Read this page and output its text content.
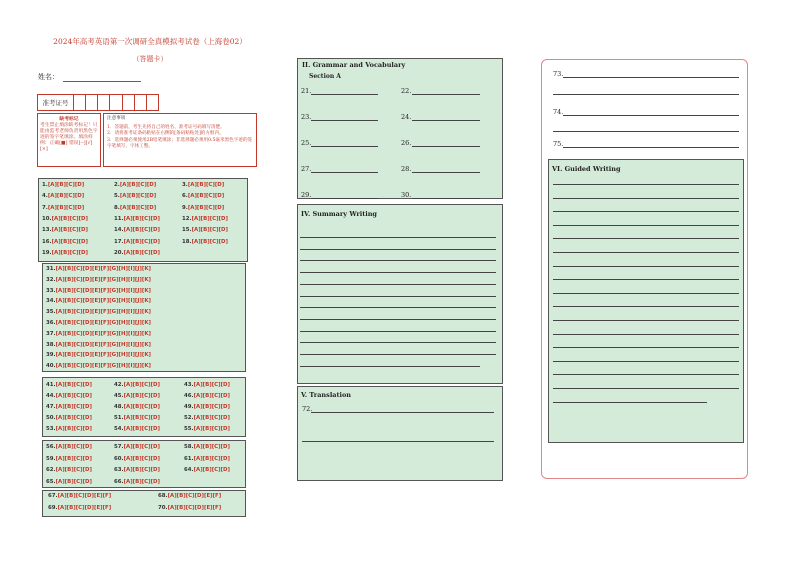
2024年高考英语第一次调研全真模拟考试卷（上海卷02）
（答题卡）
姓名：
准考证号
缺考标记
考生禁止填涂缺考标记！只能由监考老师负责用黑色字迹的签字笔填涂。填涂样例：正确[■] 错误[--][√][×]
注意事项
1．答题前，考生先将自己的姓名、准考证号码填写清楚。
2．请将准考证条码粘贴在右侧的[条码粘贴处]的方框内。
3．选择题必须使用2B铅笔填涂；非选择题必须用0.5毫米黑色字迹的签字笔填写，字体工整。
1.[A][B][C][D]	2.[A][B][C][D]	3.[A][B][C][D]
4.[A][B][C][D]	5.[A][B][C][D]	6.[A][B][C][D]
7.[A][B][C][D]	8.[A][B][C][D]	9.[A][B][C][D]
10.[A][B][C][D]	11.[A][B][C][D]	12.[A][B][C][D]
13.[A][B][C][D]	14.[A][B][C][D]	15.[A][B][C][D]
16.[A][B][C][D]	17.[A][B][C][D]	18.[A][B][C][D]
19.[A][B][C][D]	20.[A][B][C][D]
31.[A][B][C][D][E][F][G][H][I][J][K]
32.[A][B][C][D][E][F][G][H][I][J][K]
33.[A][B][C][D][E][F][G][H][I][J][K]
34.[A][B][C][D][E][F][G][H][I][J][K]
35.[A][B][C][D][E][F][G][H][I][J][K]
36.[A][B][C][D][E][F][G][H][I][J][K]
37.[A][B][C][D][E][F][G][H][I][J][K]
38.[A][B][C][D][E][F][G][H][I][J][K]
39.[A][B][C][D][E][F][G][H][I][J][K]
40.[A][B][C][D][E][F][G][H][I][J][K]
41.[A][B][C][D]	42.[A][B][C][D]	43.[A][B][C][D]
44.[A][B][C][D]	45.[A][B][C][D]	46.[A][B][C][D]
47.[A][B][C][D]	48.[A][B][C][D]	49.[A][B][C][D]
50.[A][B][C][D]	51.[A][B][C][D]	52.[A][B][C][D]
53.[A][B][C][D]	54.[A][B][C][D]	55.[A][B][C][D]
56.[A][B][C][D]	57.[A][B][C][D]	58.[A][B][C][D]
59.[A][B][C][D]	60.[A][B][C][D]	61.[A][B][C][D]
62.[A][B][C][D]	63.[A][B][C][D]	64.[A][B][C][D]
65.[A][B][C][D]	66.[A][B][C][D]
67.[A][B][C][D][E][F]	68.[A][B][C][D][E][F]
69.[A][B][C][D][E][F]	70.[A][B][C][D][E][F]
II. Grammar and Vocabulary
Section A
21.	22.
23.	24.
25.	26.
27.	28.
29.	30.
IV. Summary Writing
V. Translation
72.
73.
74.
75.
VI. Guided Writing
